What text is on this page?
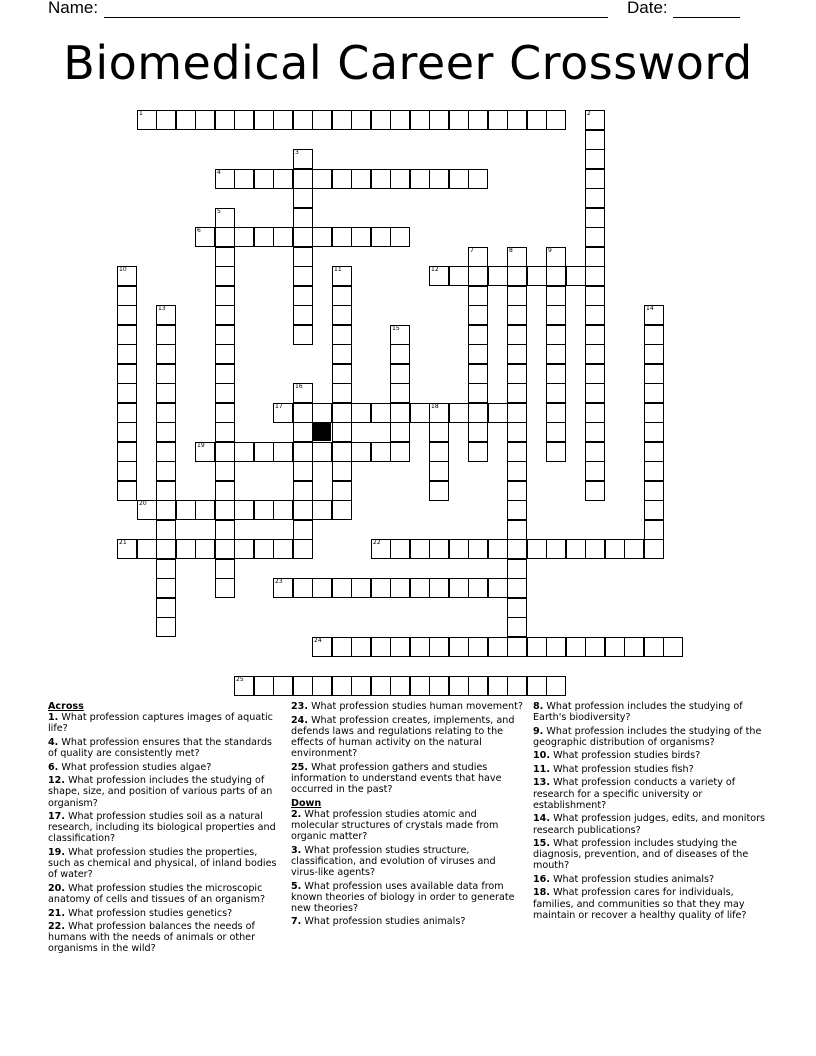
Name:	Date:
Biomedical Career Crossword
1	2
3
4
5
6
7	8	9
10	11	12
13	14
15
16
17	18
19
20
21	22
23
24
25
Across
1. What profession captures images of aquatic life?
4. What profession ensures that the standards of quality are consistently met?
6. What profession studies algae?
12. What profession includes the studying of shape, size, and position of various parts of an organism?
17. What profession studies soil as a natural research, including its biological properties and classification?
19. What profession studies the properties, such as chemical and physical, of inland bodies of water?
20. What profession studies the microscopic anatomy of cells and tissues of an organism?
21. What profession studies genetics?
22. What profession balances the needs of humans with the needs of animals or other organisms in the wild?
23. What profession studies human movement?
24. What profession creates, implements, and defends laws and regulations relating to the effects of human activity on the natural environment?
25. What profession gathers and studies information to understand events that have occurred in the past?
Down
2. What profession studies atomic and molecular structures of crystals made from organic matter?
3. What profession studies structure, classification, and evolution of viruses and virus-like agents?
5. What profession uses available data from known theories of biology in order to generate new theories?
7. What profession studies animals?
8. What profession includes the studying of Earth's biodiversity?
9. What profession includes the studying of the geographic distribution of organisms?
10. What profession studies birds?
11. What profession studies fish?
13. What profession conducts a variety of research for a specific university or establishment?
14. What profession judges, edits, and monitors research publications?
15. What profession includes studying the diagnosis, prevention, and of diseases of the mouth?
16. What profession studies animals?
18. What profession cares for individuals, families, and communities so that they may maintain or recover a healthy quality of life?
